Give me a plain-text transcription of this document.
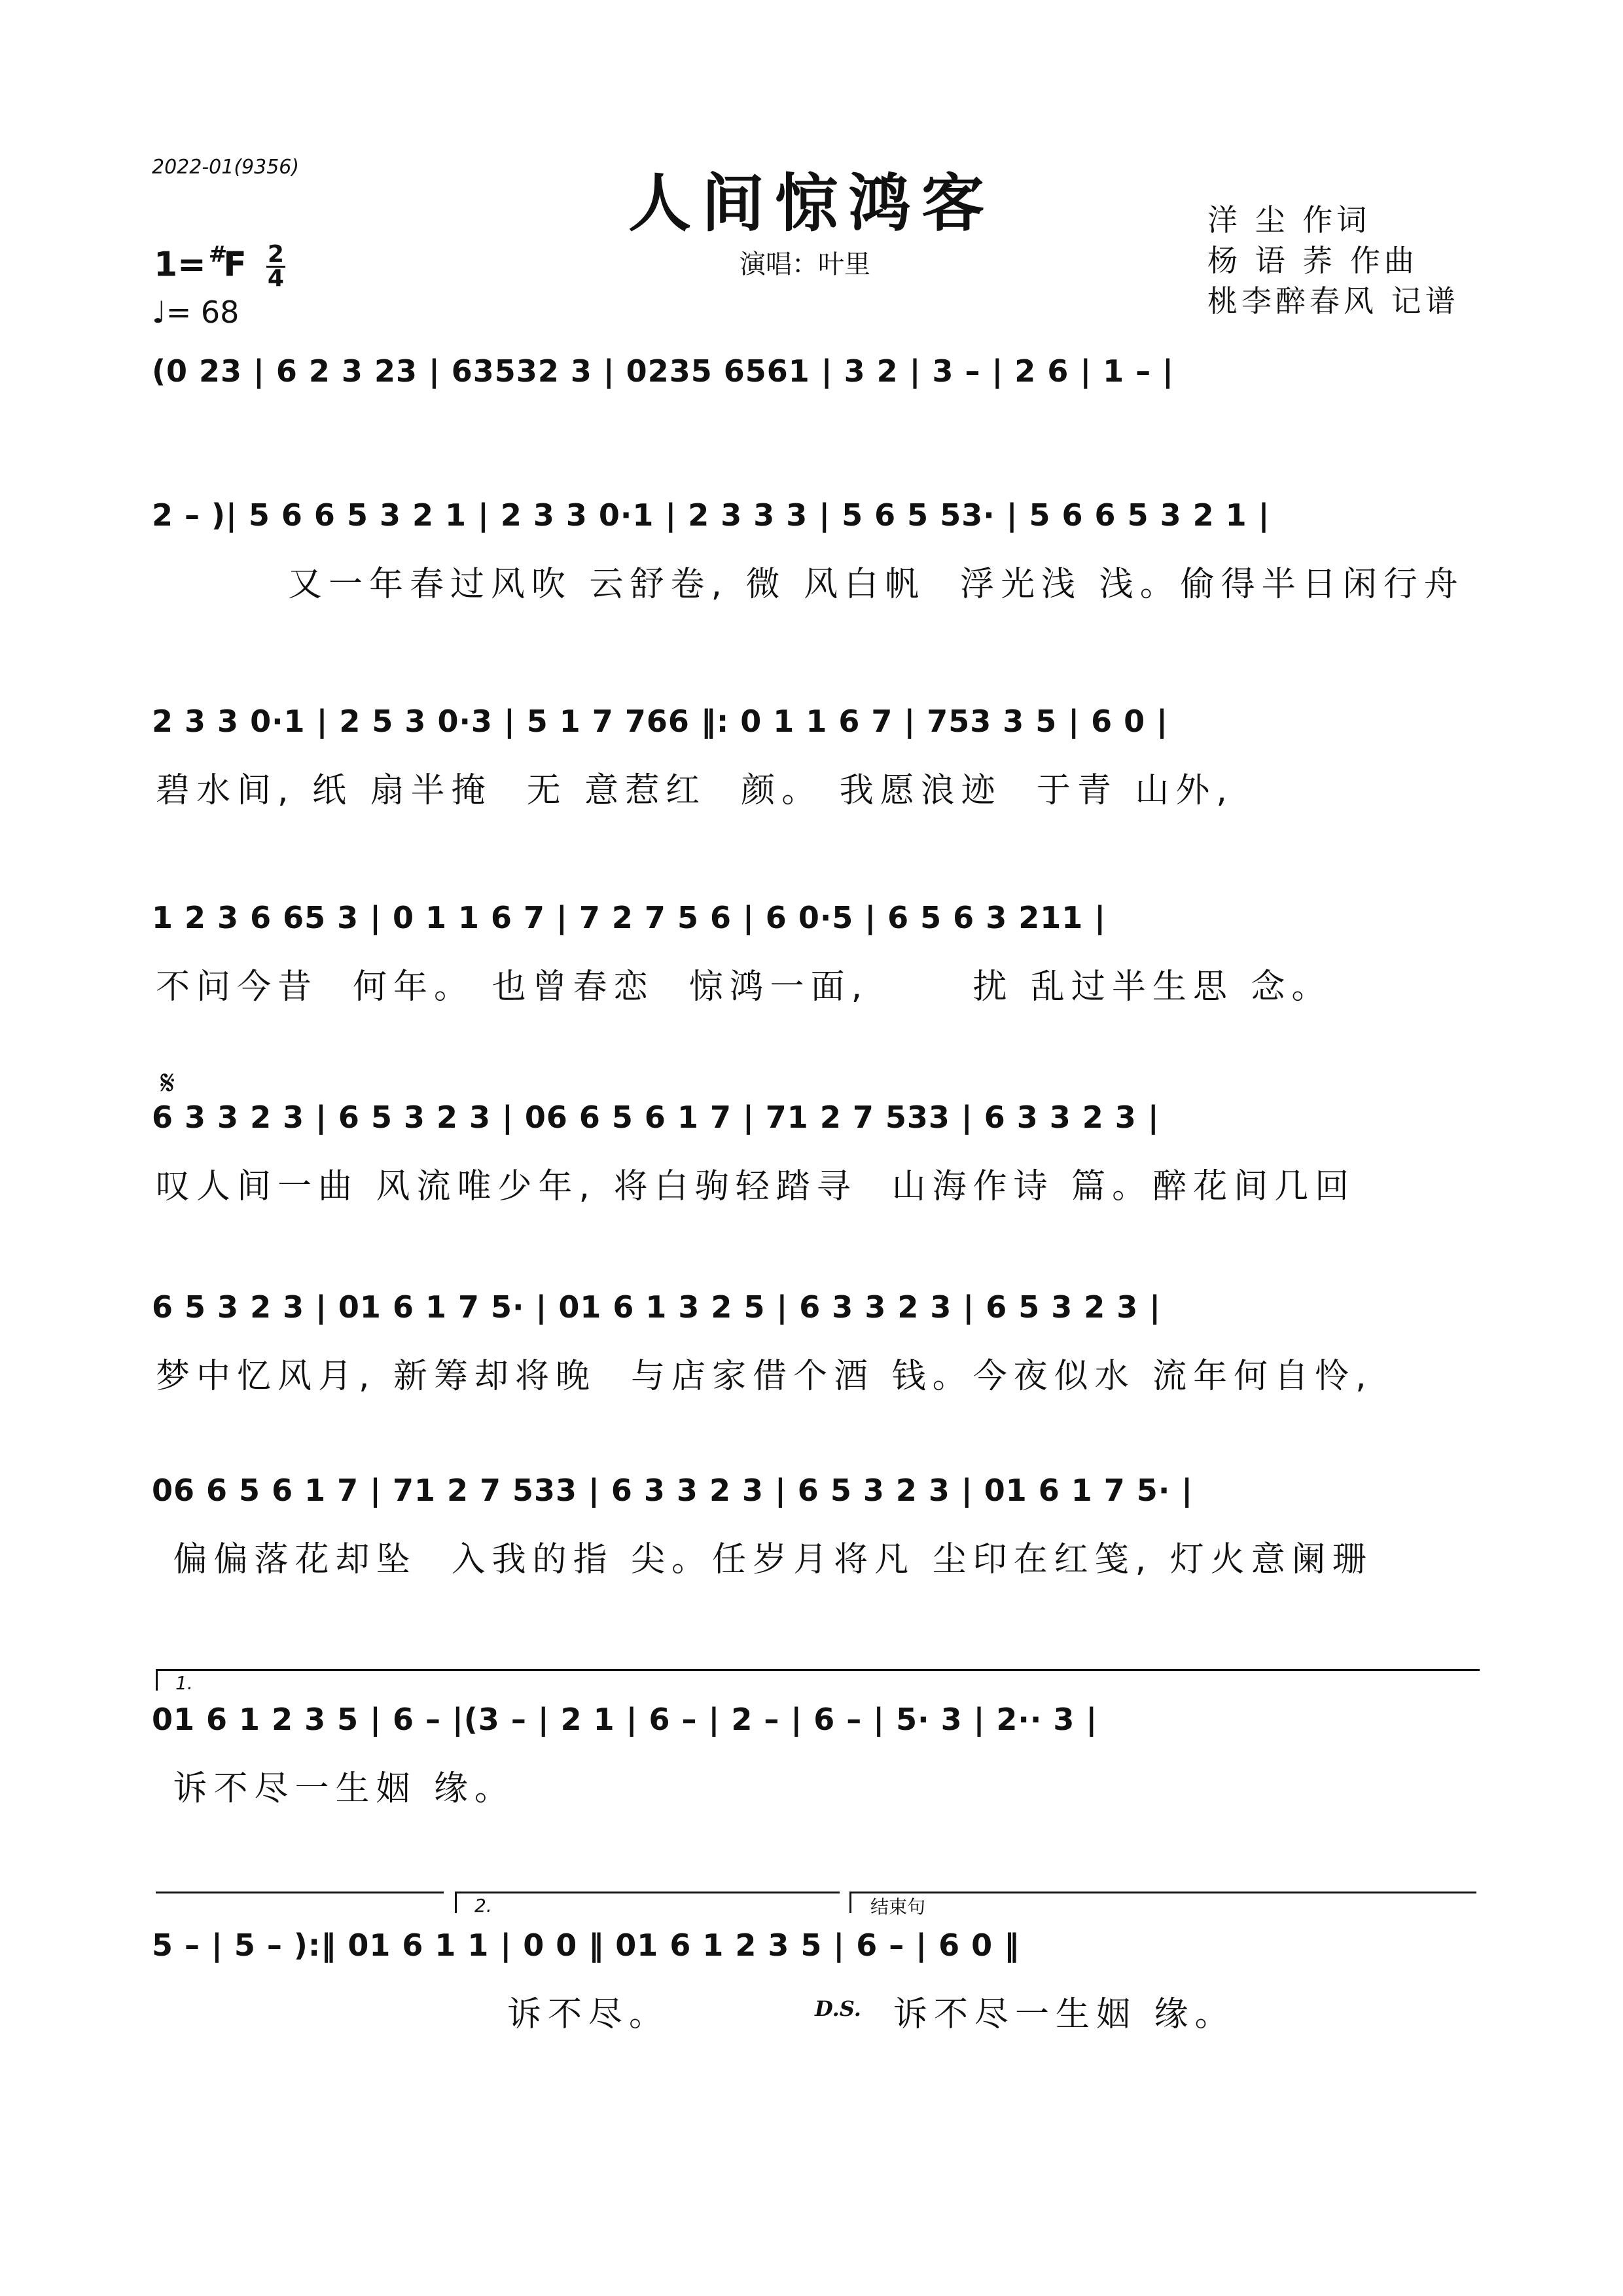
2022-01(9356)	人间惊鸿客
演唱：叶里
洋 尘 作词
杨 语 荞 作曲
桃李醉春风 记谱
$1= ^{\#}F \frac{2}{4}$
♩= 68
(0 23 | 6 2 3 23 | 63532 3 | 0235 6561 | 3 2 | 3 – | 2 6 | 1 – |
2 – )| 5 6 6 5 3 2 1 | 2 3 3 0·1 | 2 3 3 3 | 5 6 5 53· | 5 6 6 5 3 2 1 |
又一年春过风吹 云舒卷, 微 风白帆  浮光浅 浅。偷得半日闲行舟
2 3 3 0·1 | 2 5 3 0·3 | 5 1 7 766 ‖: 0 1 1 6 7 | 753 3 5 | 6 0 |
碧水间, 纸 扇半掩  无 意惹红  颜。 我愿浪迹  于青 山外,
1 2 3 6 65 3 | 0 1 1 6 7 | 7 2 7 5 6 | 6 0·5 | 6 5 6 3 211 |
不问今昔  何年。 也曾春恋  惊鸿一面,      扰 乱过半生思 念。
𝄋
6 3 3 2 3 | 6 5 3 2 3 | 06 6 5 6 1 7 | 71 2 7 533 | 6 3 3 2 3 |
叹人间一曲 风流唯少年, 将白驹轻踏寻  山海作诗 篇。醉花间几回
6 5 3 2 3 | 01 6 1 7 5· | 01 6 1 3 2 5 | 6 3 3 2 3 | 6 5 3 2 3 |
梦中忆风月, 新筹却将晚  与店家借个酒 钱。今夜似水 流年何自怜,
06 6 5 6 1 7 | 71 2 7 533 | 6 3 3 2 3 | 6 5 3 2 3 | 01 6 1 7 5· |
偏偏落花却坠  入我的指 尖。任岁月将凡 尘印在红笺, 灯火意阑珊
1.
01 6 1 2 3 5 | 6 – |(3 – | 2 1 | 6 – | 2 – | 6 – | 5· 3 | 2·· 3 |
诉不尽一生姻 缘。
2.	结束句
5 – | 5 – ):‖ 01 6 1 1 | 0 0 ‖ 01 6 1 2 3 5 | 6 – | 6 0 ‖
诉不尽。	D.S. 诉不尽一生姻 缘。
